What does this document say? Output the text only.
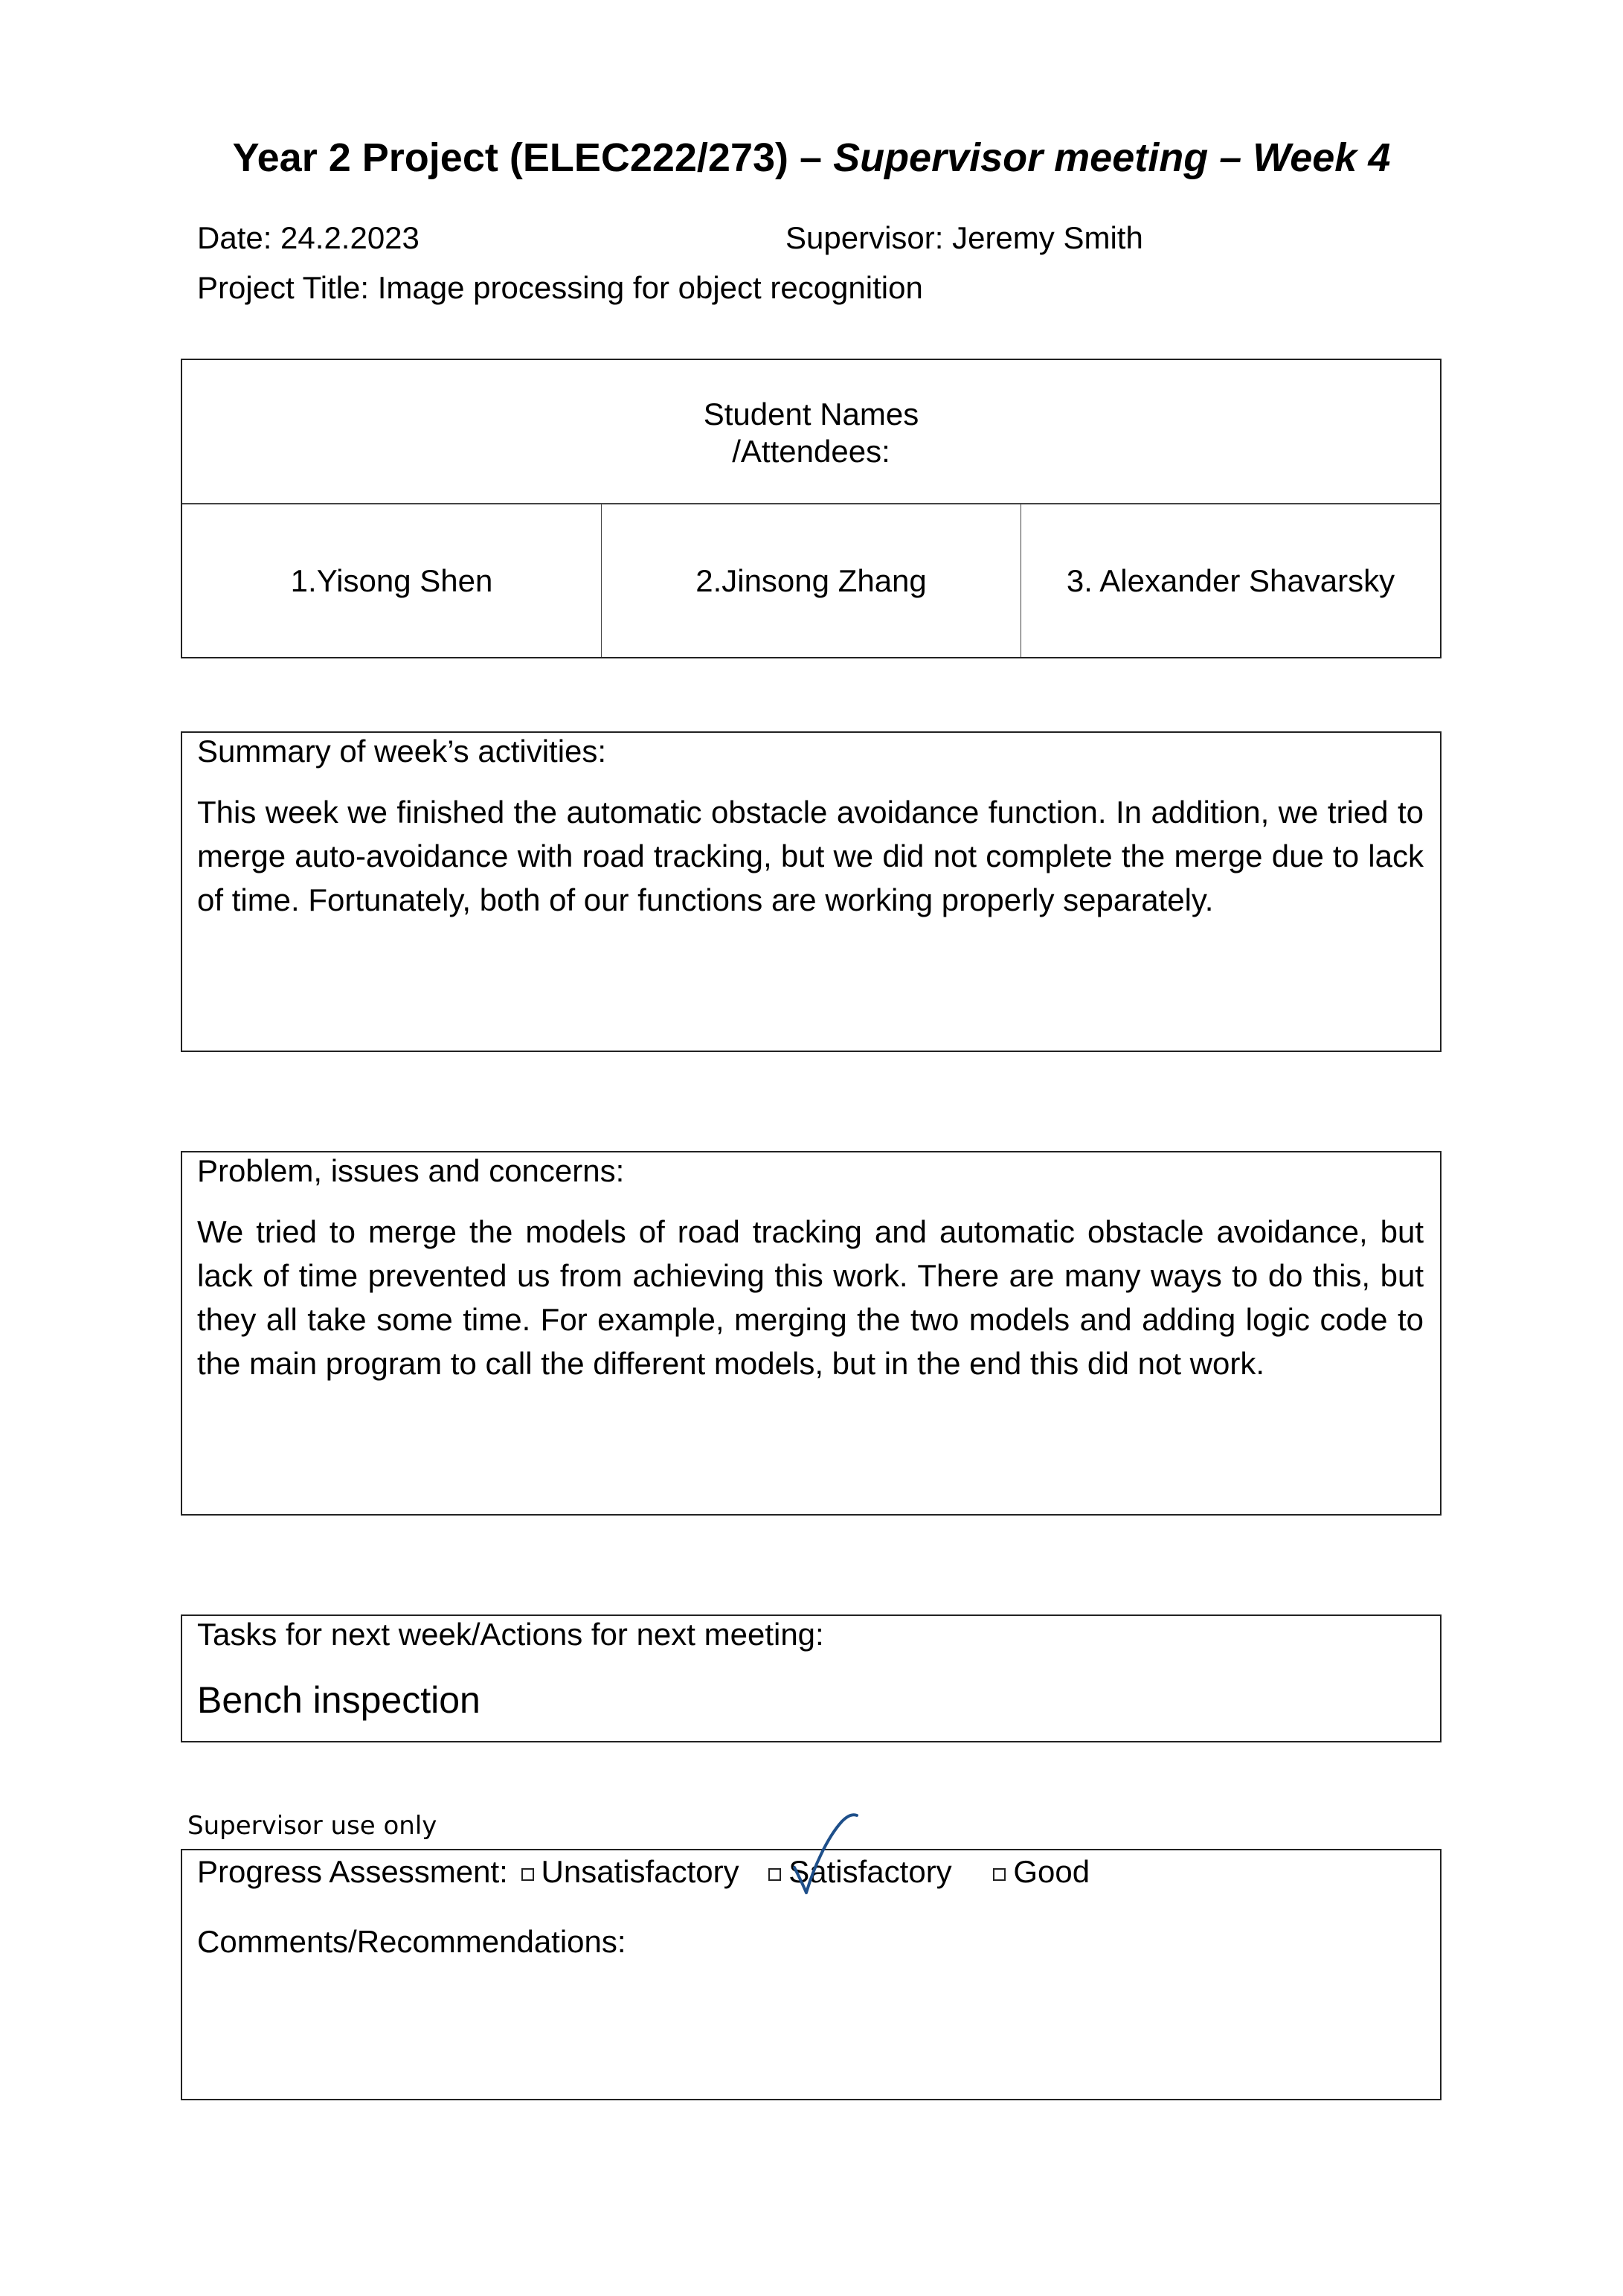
Year 2 Project (ELEC222/273) – Supervisor meeting – Week 4
Date: 24.2.2023	Supervisor: Jeremy Smith
Project Title: Image processing for object recognition
Student Names
/Attendees:
1.Yisong Shen	2.Jinsong Zhang	3. Alexander Shavarsky
Summary of week’s activities:
This week we finished the automatic obstacle avoidance function. In addition, we tried to merge auto-avoidance with road tracking, but we did not complete the merge due to lack of time. Fortunately, both of our functions are working properly separately.
Problem, issues and concerns:
We tried to merge the models of road tracking and automatic obstacle avoidance, but lack of time prevented us from achieving this work. There are many ways to do this, but they all take some time. For example, merging the two models and adding logic code to the main program to call the different models, but in the end this did not work.
Tasks for next week/Actions for next meeting:
Bench inspection
Supervisor use only
Progress Assessment: Unsatisfactory Satisfactory Good
Comments/Recommendations:
